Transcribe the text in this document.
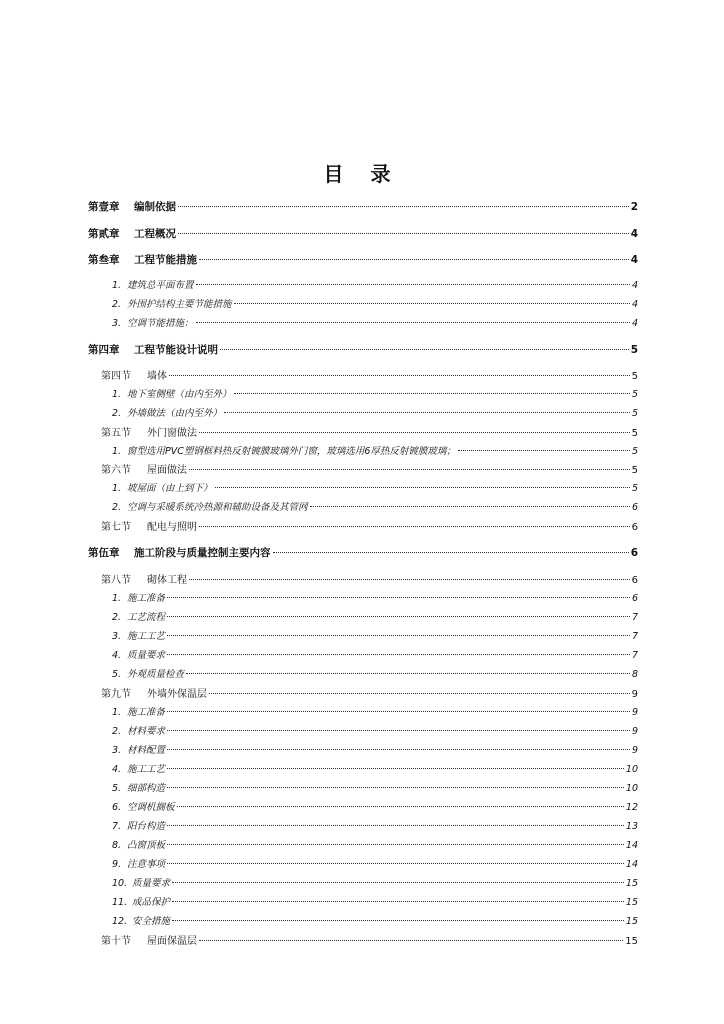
目 录
第壹章	编制依据	2
第贰章	工程概况	4
第叁章	工程节能措施	4
1. 建筑总平面布置	4
2. 外围护结构主要节能措施	4
3. 空调节能措施：	4
第四章	工程节能设计说明	5
第四节	墙体	5
1. 地下室侧壁（由内至外）	5
2. 外墙做法（由内至外）	5
第五节	外门窗做法	5
1. 窗型选用PVC塑钢框料热反射镀膜玻璃外门窗，玻璃选用6厚热反射镀膜玻璃；	5
第六节	屋面做法	5
1. 坡屋面（由上到下）	5
2. 空调与采暖系统冷热源和辅助设备及其管网	6
第七节	配电与照明	6
第伍章	施工阶段与质量控制主要内容	6
第八节	砌体工程	6
1. 施工准备	6
2. 工艺流程	7
3. 施工工艺	7
4. 质量要求	7
5. 外观质量检查	8
第九节	外墙外保温层	9
1. 施工准备	9
2. 材料要求	9
3. 材料配置	9
4. 施工工艺	10
5. 细部构造	10
6. 空调机搁板	12
7. 阳台构造	13
8. 凸窗顶板	14
9. 注意事项	14
10. 质量要求	15
11. 成品保护	15
12. 安全措施	15
第十节	屋面保温层	15
